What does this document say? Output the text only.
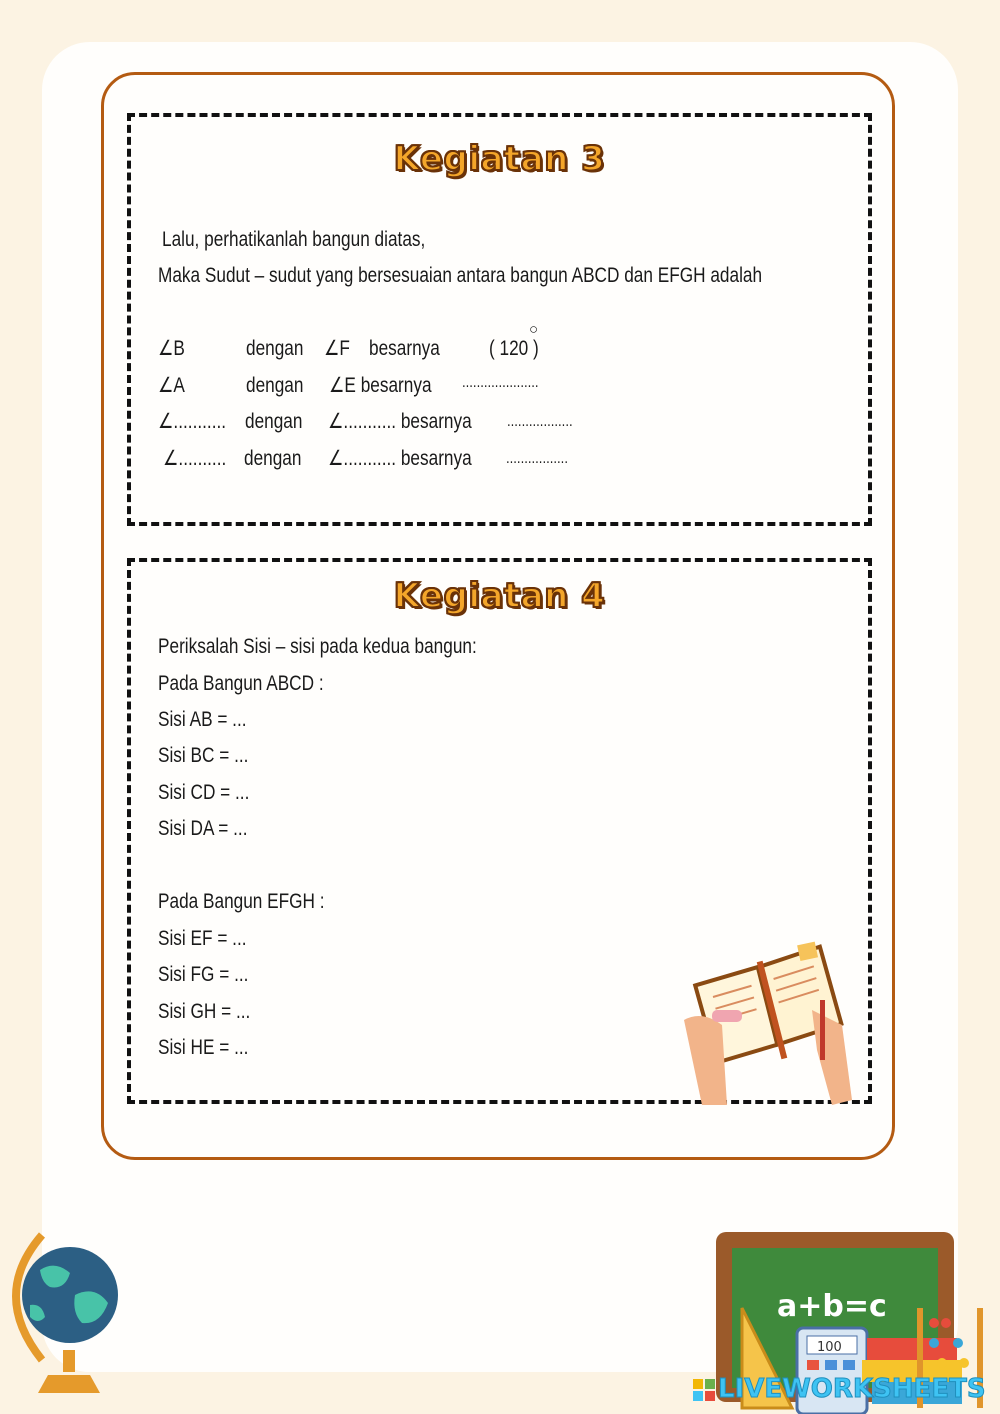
Kegiatan 3
Lalu, perhatikanlah bangun diatas,
Maka Sudut – sudut yang bersesuaian antara bangun ABCD dan EFGH adalah
∠B	dengan ∠F besarnya ( 120 )
○
∠A	dengan ∠E besarnya .....................
∠........... dengan ∠........... besarnya ..................
∠.......... dengan ∠........... besarnya .................
Kegiatan 4
Periksalah Sisi – sisi pada kedua bangun:
Pada Bangun ABCD :
Sisi AB = ...
Sisi BC = ...
Sisi CD = ...
Sisi DA = ...
Pada Bangun EFGH :
Sisi EF = ...
Sisi FG = ...
Sisi GH = ...
Sisi HE = ...
a+b=c
100
LIVEWORKSHEETS
